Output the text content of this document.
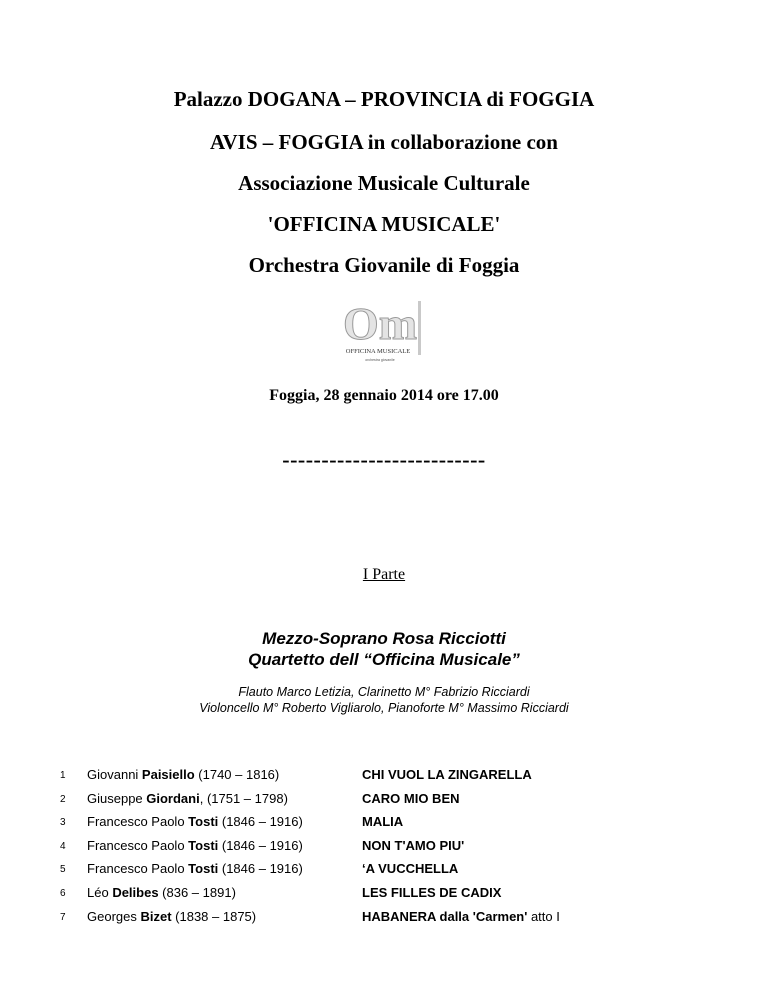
Palazzo DOGANA – PROVINCIA di FOGGIA
AVIS – FOGGIA in collaborazione con
Associazione Musicale Culturale
'OFFICINA MUSICALE'
Orchestra Giovanile di Foggia
Om
OFFICINA MUSICALE
orchestra giovanile
Foggia, 28 gennaio 2014 ore 17.00
--------------------------
I Parte
Mezzo-Soprano Rosa Ricciotti
Quartetto dell “Officina Musicale”
Flauto Marco Letizia, Clarinetto M° Fabrizio Ricciardi
Violoncello M° Roberto Vigliarolo, Pianoforte M° Massimo Ricciardi
1 Giovanni Paisiello (1740 – 1816)	CHI VUOL LA ZINGARELLA
2 Giuseppe Giordani, (1751 – 1798)	CARO MIO BEN
3 Francesco Paolo Tosti (1846 – 1916)	MALIA
4 Francesco Paolo Tosti (1846 – 1916)	NON T'AMO PIU'
5 Francesco Paolo Tosti (1846 – 1916)	‘A VUCCHELLA
6 Léo Delibes (836 – 1891)	LES FILLES DE CADIX
7 Georges Bizet (1838 – 1875)	HABANERA dalla 'Carmen' atto I
